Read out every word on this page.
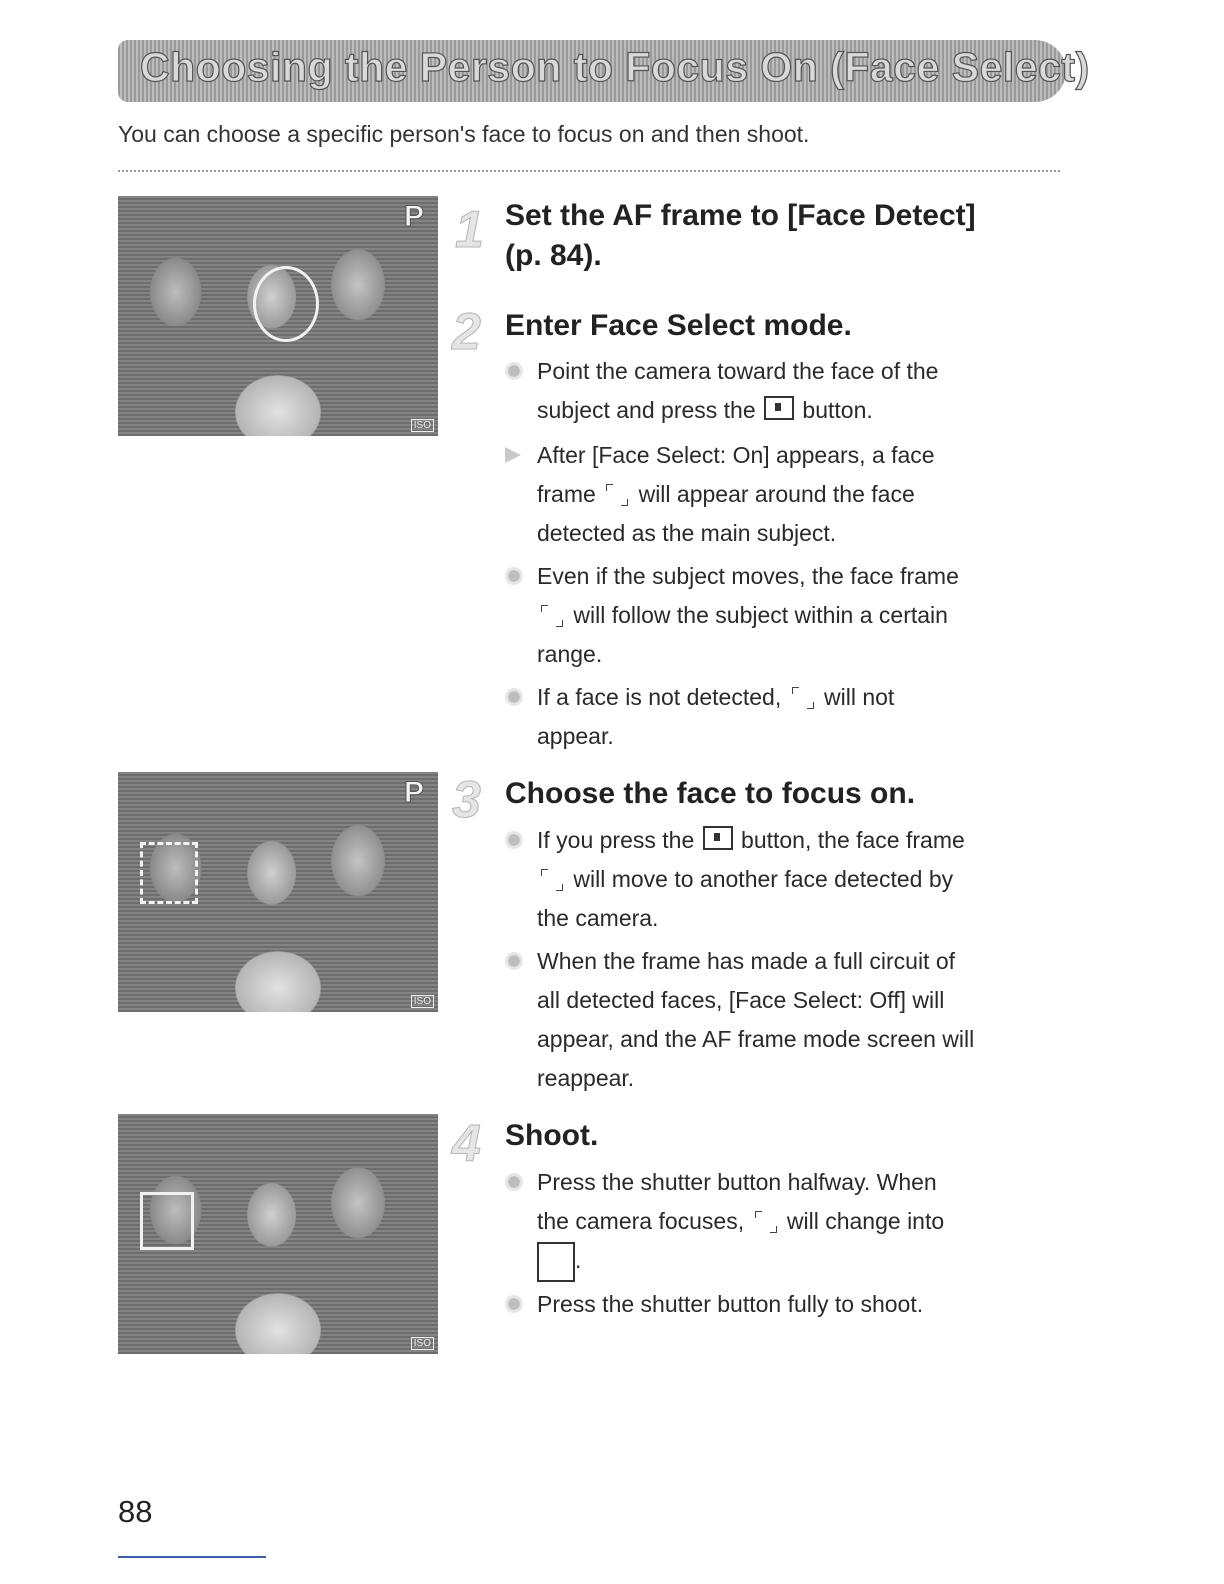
Choosing the Person to Focus On (Face Select)
You can choose a specific person's face to focus on and then shoot.
P
ISO
P
ISO
ISO
1 Set the AF frame to [Face Detect]
(p. 84).
2 Enter Face Select mode.
Point the camera toward the face of the
subject and press the button.
After [Face Select: On] appears, a face
frame will appear around the face
detected as the main subject.
Even if the subject moves, the face frame
will follow the subject within a certain
range.
If a face is not detected, will not
appear.
3 Choose the face to focus on.
If you press the button, the face frame
will move to another face detected by
the camera.
When the frame has made a full circuit of
all detected faces, [Face Select: Off] will
appear, and the AF frame mode screen will
reappear.
4 Shoot.
Press the shutter button halfway. When
the camera focuses, will change into
.
Press the shutter button fully to shoot.
88
